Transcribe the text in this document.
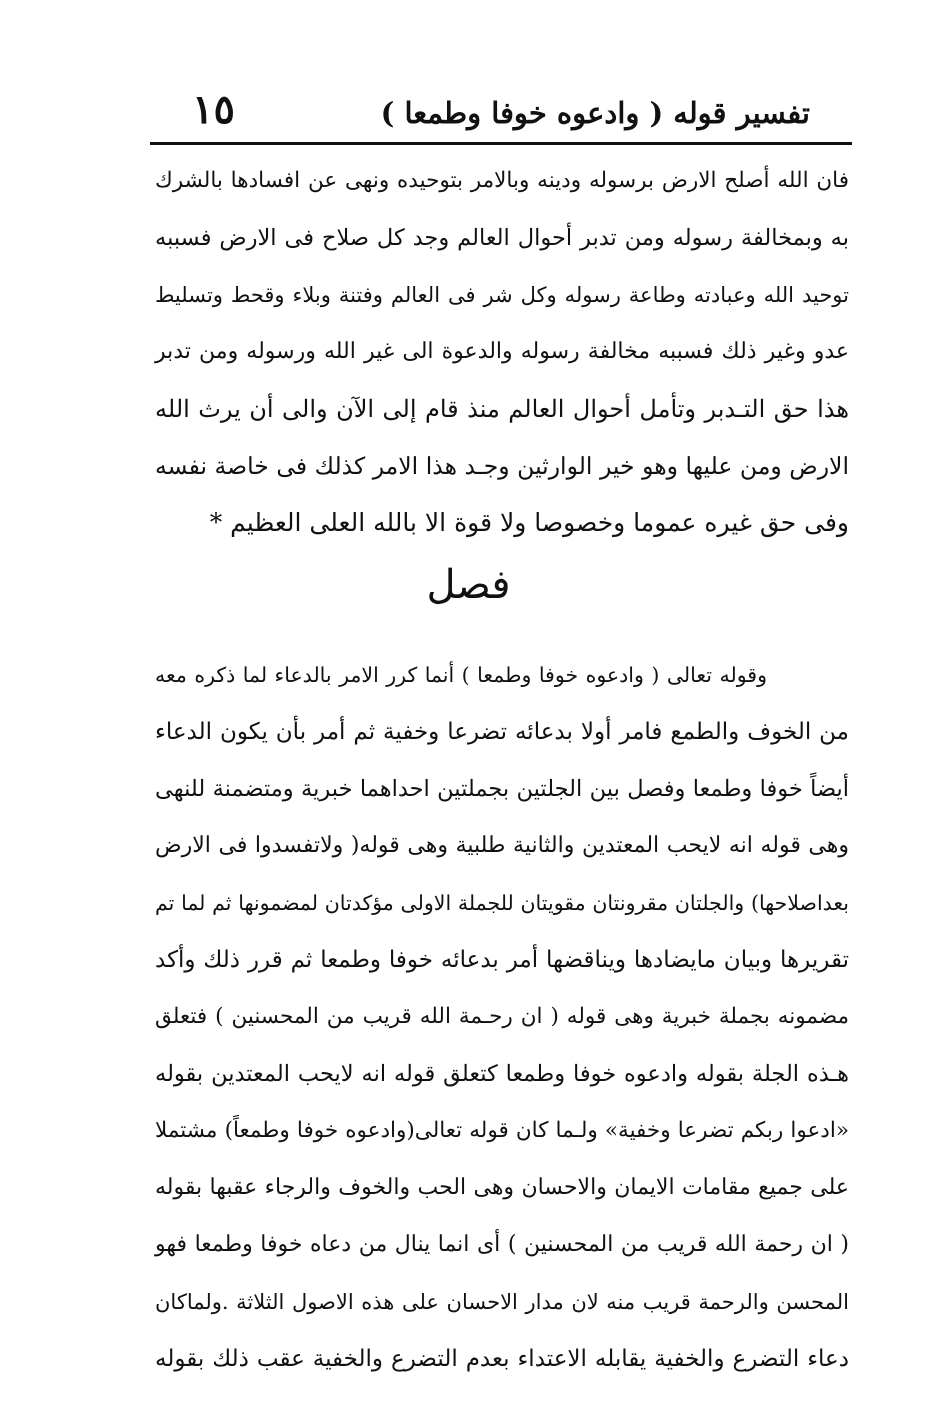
١٥	تفسير قوله ( وادعوه خوفا وطمعا )
فان الله أصلح الارض برسوله ودينه وبالامر بتوحيده ونهى عن افسادها بالشرك
به وبمخالفة رسوله ومن تدبر أحوال العالم وجد كل صلاح فى الارض فسببه
توحيد الله وعبادته وطاعة رسوله وكل شر فى العالم وفتنة وبلاء وقحط وتسليط
عدو وغير ذلك فسببه مخالفة رسوله والدعوة الى غير الله ورسوله ومن تدبر
هذا حق التـدبر وتأمل أحوال العالم منذ قام إلى الآن والى أن يرث الله
الارض ومن عليها وهو خير الوارثين وجـد هذا الامر كذلك فى خاصة نفسه
وفى حق غيره عموما وخصوصا ولا قوة الا بالله العلى العظيم *
فصل
وقوله تعالى ( وادعوه خوفا وطمعا ) أنما كرر الامر بالدعاء لما ذكره معه
من الخوف والطمع فامر أولا بدعائه تضرعا وخفية ثم أمر بأن يكون الدعاء
أيضاً خوفا وطمعا وفصل بين الجلتين بجملتين احداهما خبرية ومتضمنة للنهى
وهى قوله انه لايحب المعتدين والثانية طلبية وهى قوله( ولاتفسدوا فى الارض
بعداصلاحها) والجلتان مقرونتان مقويتان للجملة الاولى مؤكدتان لمضمونها ثم لما تم
تقريرها وبيان مايضادها ويناقضها أمر بدعائه خوفا وطمعا ثم قرر ذلك وأكد
مضمونه بجملة خبرية وهى قوله ( ان رحـمة الله قريب من المحسنين ) فتعلق
هـذه الجلة بقوله وادعوه خوفا وطمعا كتعلق قوله انه لايحب المعتدين بقوله
«ادعوا ربكم تضرعا وخفية» ولـما كان قوله تعالى(وادعوه خوفا وطمعاً) مشتملا
على جميع مقامات الايمان والاحسان وهى الحب والخوف والرجاء عقبها بقوله
( ان رحمة الله قريب من المحسنين ) أى انما ينال من دعاه خوفا وطمعا فهو
المحسن والرحمة قريب منه لان مدار الاحسان على هذه الاصول الثلاثة .ولماكان
دعاء التضرع والخفية يقابله الاعتداء بعدم التضرع والخفية عقب ذلك بقوله
